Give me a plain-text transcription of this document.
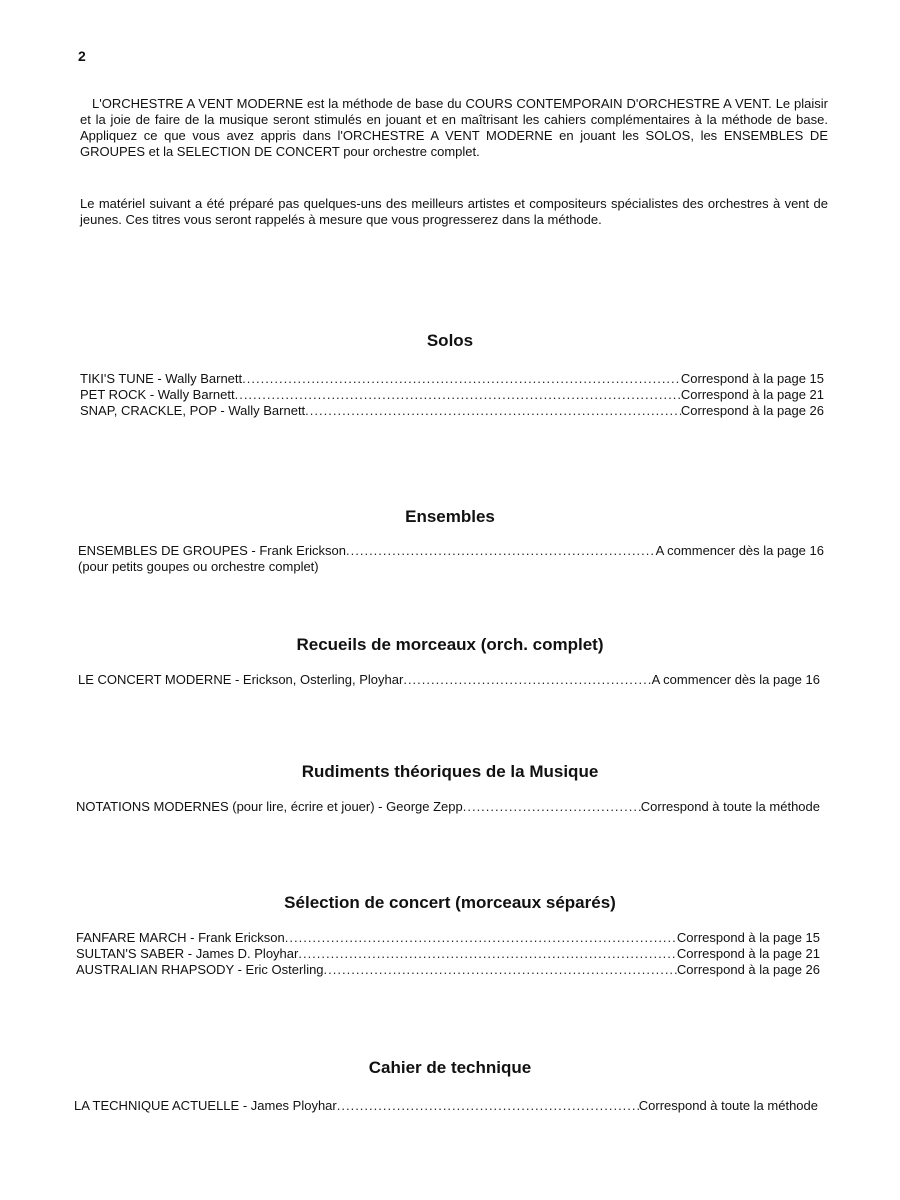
2

L'ORCHESTRE A VENT MODERNE est la méthode de base du COURS CONTEMPORAIN D'ORCHESTRE A VENT. Le plaisir et la joie de faire de la musique seront stimulés en jouant et en maîtrisant les cahiers complémentaires à la méthode de base. Appliquez ce que vous avez appris dans l'ORCHESTRE A VENT MODERNE en jouant les SOLOS, les ENSEMBLES DE GROUPES et la SELECTION DE CONCERT pour orchestre complet.

Le matériel suivant a été préparé pas quelques-uns des meilleurs artistes et compositeurs spécialistes des orchestres à vent de jeunes. Ces titres vous seront rappelés à mesure que vous progresserez dans la méthode.

Solos
TIKI'S TUNE - Wally Barnett .....	Correspond à la page 15
PET ROCK - Wally Barnett .....	Correspond à la page 21
SNAP, CRACKLE, POP - Wally Barnett .....	Correspond à la page 26
Ensembles
ENSEMBLES DE GROUPES - Frank Erickson .....	A commencer dès la page 16
(pour petits goupes ou orchestre complet)
Recueils de morceaux (orch. complet)
LE CONCERT MODERNE - Erickson, Osterling, Ployhar .....	A commencer dès la page 16
Rudiments théoriques de la Musique
NOTATIONS MODERNES (pour lire, écrire et jouer) - George Zepp .....	Correspond à toute la méthode
Sélection de concert (morceaux séparés)
FANFARE MARCH - Frank Erickson .....	Correspond à la page 15
SULTAN'S SABER - James D. Ployhar .....	Correspond à la page 21
AUSTRALIAN RHAPSODY - Eric Osterling .....	Correspond à la page 26
Cahier de technique
LA TECHNIQUE ACTUELLE - James Ployhar .....	Correspond à toute la méthode
